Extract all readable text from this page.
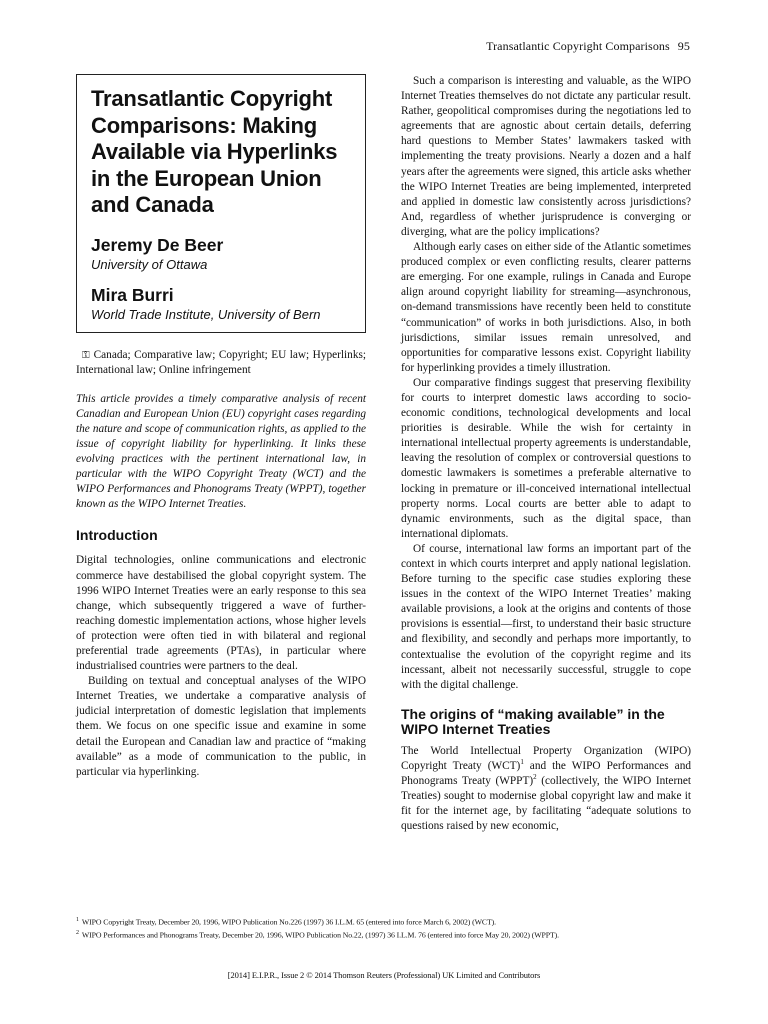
Transatlantic Copyright Comparisons 95
Transatlantic Copyright Comparisons: Making Available via Hyperlinks in the European Union and Canada

Jeremy De Beer

University of Ottawa

Mira Burri

World Trade Institute, University of Bern

⚿ Canada; Comparative law; Copyright; EU law; Hyperlinks; International law; Online infringement

This article provides a timely comparative analysis of recent Canadian and European Union (EU) copyright cases regarding the nature and scope of communication rights, as applied to the issue of copyright liability for hyperlinking. It links these evolving practices with the pertinent international law, in particular with the WIPO Copyright Treaty (WCT) and the WIPO Performances and Phonograms Treaty (WPPT), together known as the WIPO Internet Treaties.

Introduction

Digital technologies, online communications and electronic commerce have destabilised the global copyright system. The 1996 WIPO Internet Treaties were an early response to this sea change, which subsequently triggered a wave of further-reaching domestic implementation actions, whose higher levels of protection were often tied in with bilateral and regional preferential trade agreements (PTAs), in particular where industrialised countries were partners to the deal.

Building on textual and conceptual analyses of the WIPO Internet Treaties, we undertake a comparative analysis of judicial interpretation of domestic legislation that implements them. We focus on one specific issue and examine in some detail the European and Canadian law and practice of “making available” as a mode of communication to the public, in particular via hyperlinking.

Such a comparison is interesting and valuable, as the WIPO Internet Treaties themselves do not dictate any particular result. Rather, geopolitical compromises during the negotiations led to agreements that are agnostic about certain details, deferring hard questions to Member States’ lawmakers tasked with implementing the treaty provisions. Nearly a dozen and a half years after the agreements were signed, this article asks whether the WIPO Internet Treaties are being implemented, interpreted and applied in domestic law consistently across jurisdictions? And, regardless of whether jurisprudence is converging or diverging, what are the policy implications?

Although early cases on either side of the Atlantic sometimes produced complex or even conflicting results, clearer patterns are emerging. For one example, rulings in Canada and Europe align around copyright liability for streaming—asynchronous, on-demand transmissions have recently been held to constitute “communication” of works in both jurisdictions. Also, in both jurisdictions, similar issues remain unresolved, and opportunities for comparative lessons exist. Copyright liability for hyperlinking provides a timely illustration.

Our comparative findings suggest that preserving flexibility for courts to interpret domestic laws according to socio-economic conditions, technological developments and local priorities is desirable. While the wish for certainty in international intellectual property agreements is understandable, leaving the resolution of complex or controversial questions to domestic lawmakers is sometimes a preferable alternative to locking in premature or ill-conceived international intellectual property norms. Local courts are better able to adapt to dynamic environments, such as the digital space, than international diplomats.

Of course, international law forms an important part of the context in which courts interpret and apply national legislation. Before turning to the specific case studies exploring these issues in the context of the WIPO Internet Treaties’ making available provisions, a look at the origins and contents of those provisions is essential—first, to understand their basic structure and flexibility, and secondly and perhaps more importantly, to contextualise the evolution of the copyright regime and its incessant, albeit not necessarily successful, struggle to cope with the digital challenge.

The origins of “making available” in the WIPO Internet Treaties

The World Intellectual Property Organization (WIPO) Copyright Treaty (WCT)$^1$ and the WIPO Performances and Phonograms Treaty (WPPT)$^2$ (collectively, the WIPO Internet Treaties) sought to modernise global copyright law and make it fit for the internet age, by facilitating “adequate solutions to questions raised by new economic,

$^1$ WIPO Copyright Treaty, December 20, 1996, WIPO Publication No.226 (1997) 36 I.L.M. 65 (entered into force March 6, 2002) (WCT).
$^2$ WIPO Performances and Phonograms Treaty, December 20, 1996, WIPO Publication No.22, (1997) 36 I.L.M. 76 (entered into force May 20, 2002) (WPPT).
[2014] E.I.P.R., Issue 2 © 2014 Thomson Reuters (Professional) UK Limited and Contributors
